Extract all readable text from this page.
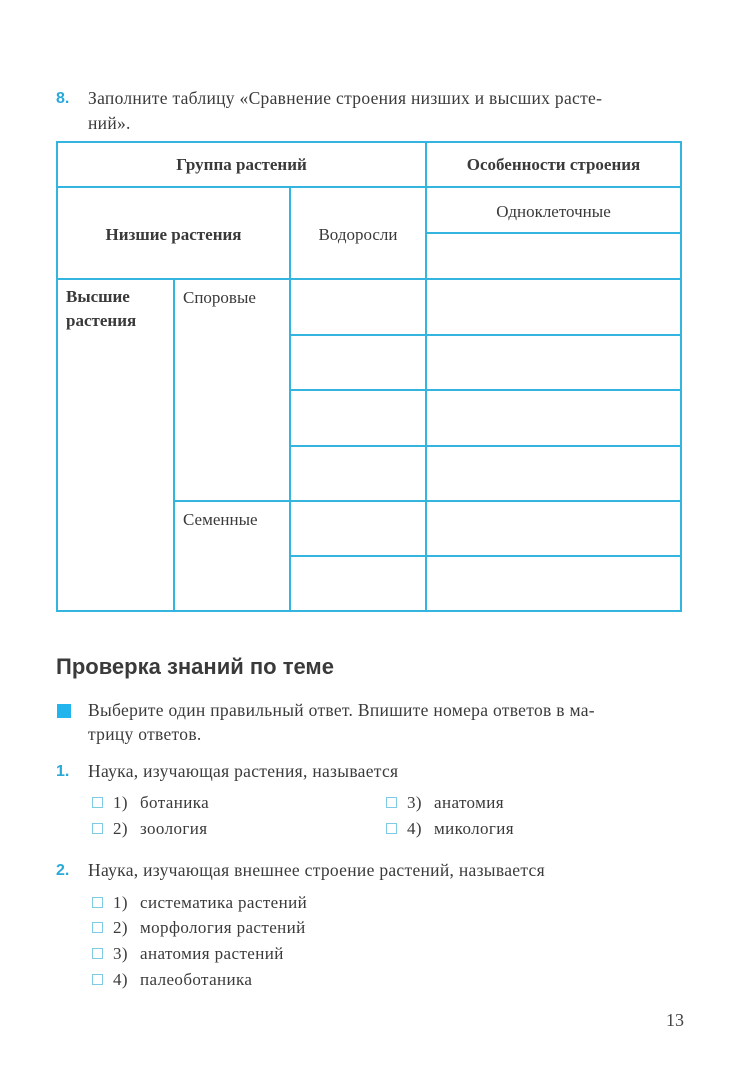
8. Заполните таблицу «Сравнение строения низших и высших расте-
ний».
Группа растений	Особенности строения
Низшие растения	Водоросли
Одноклеточные
Высшие
растения
Споровые
Семенные
Проверка знаний по теме
Выберите один правильный ответ. Впишите номера ответов в ма-
трицу ответов.
1. Наука, изучающая растения, называется
1) ботаника
2) зоология
3) анатомия
4) микология
2. Наука, изучающая внешнее строение растений, называется
1) систематика растений
2) морфология растений
3) анатомия растений
4) палеоботаника
13
